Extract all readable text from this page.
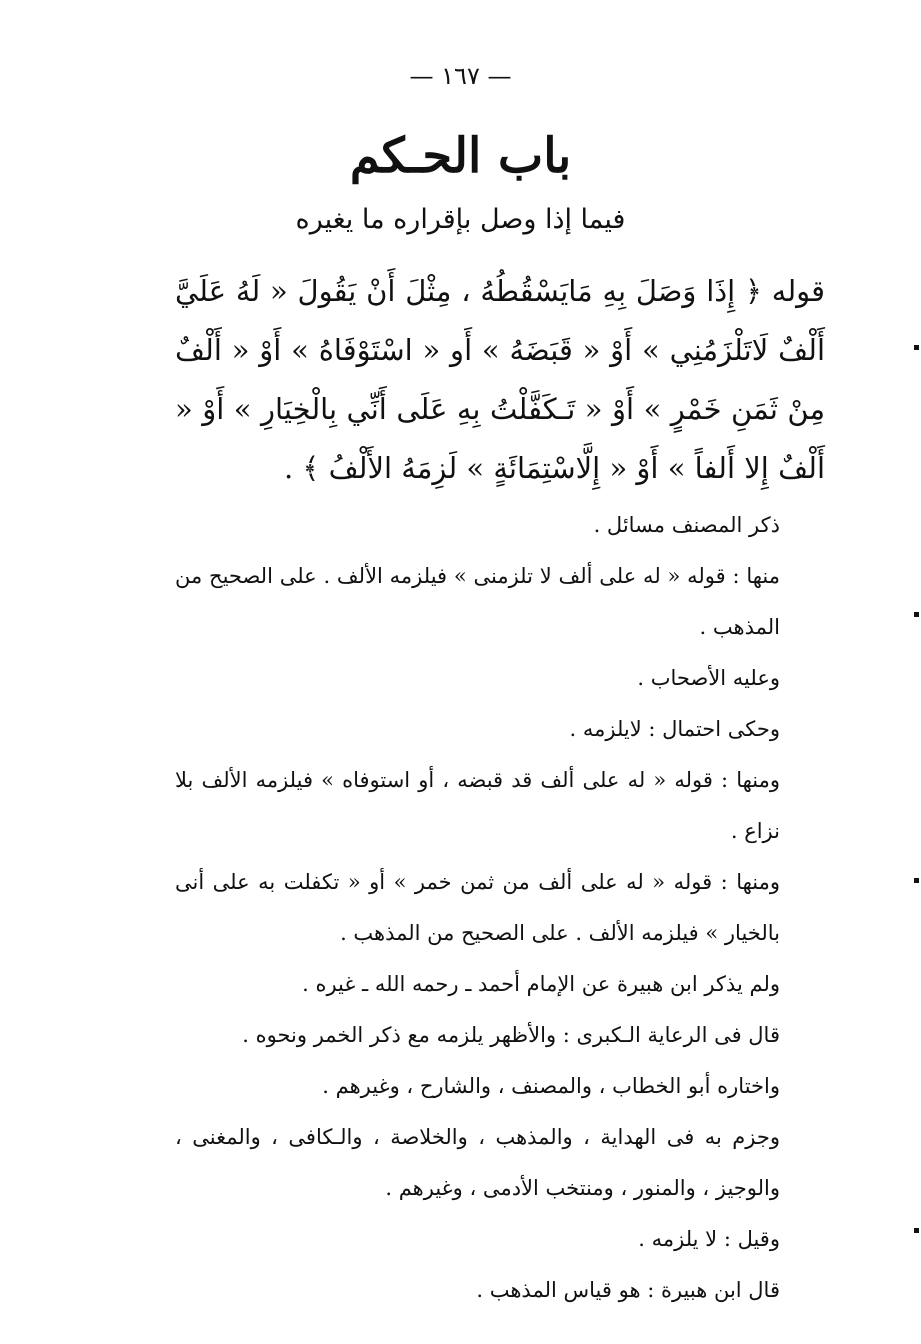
— ١٦٧ —
باب الحـكم
فيما إذا وصل بإقراره ما يغيره
قوله ﴿ إِذَا وَصَلَ بِهِ مَايَسْقُطُهُ ، مِثْلَ أَنْ يَقُولَ « لَهُ عَلَيَّ أَلْفٌ لَاتَلْزَمُنِي » أَوْ « قَبَضَهُ » أَو « اسْتَوْفَاهُ » أَوْ « أَلْفٌ مِنْ ثَمَنِ خَمْرٍ » أَوْ « تَـكَفَّلْتُ بِهِ عَلَى أَنِّي بِالْخِيَارِ » أَوْ « أَلْفٌ إِلا أَلفاً » أَوْ « إِلَّاسْتِمَائَةٍ » لَزِمَهُ الأَلْفُ ﴾ .

ذكر المصنف مسائل .

منها : قوله « له على ألف لا تلزمنى » فيلزمه الألف . على الصحيح من المذهب .

وعليه الأصحاب .

وحكى احتمال : لايلزمه .

ومنها : قوله « له على ألف قد قبضه ، أو استوفاه » فيلزمه الألف بلا نزاع .

ومنها : قوله « له على ألف من ثمن خمر » أو « تكفلت به على أنى بالخيار » فيلزمه الألف . على الصحيح من المذهب .

ولم يذكر ابن هبيرة عن الإمام أحمد ـ رحمه الله ـ غيره .

قال فى الرعاية الـكبرى : والأظهر يلزمه مع ذكر الخمر ونحوه .

واختاره أبو الخطاب ، والمصنف ، والشارح ، وغيرهم .

وجزم به فى الهداية ، والمذهب ، والخلاصة ، والـكافى ، والمغنى ، والوجيز ، والمنور ، ومنتخب الأدمى ، وغيرهم .

وقيل : لا يلزمه .

قال ابن هبيرة : هو قياس المذهب .
